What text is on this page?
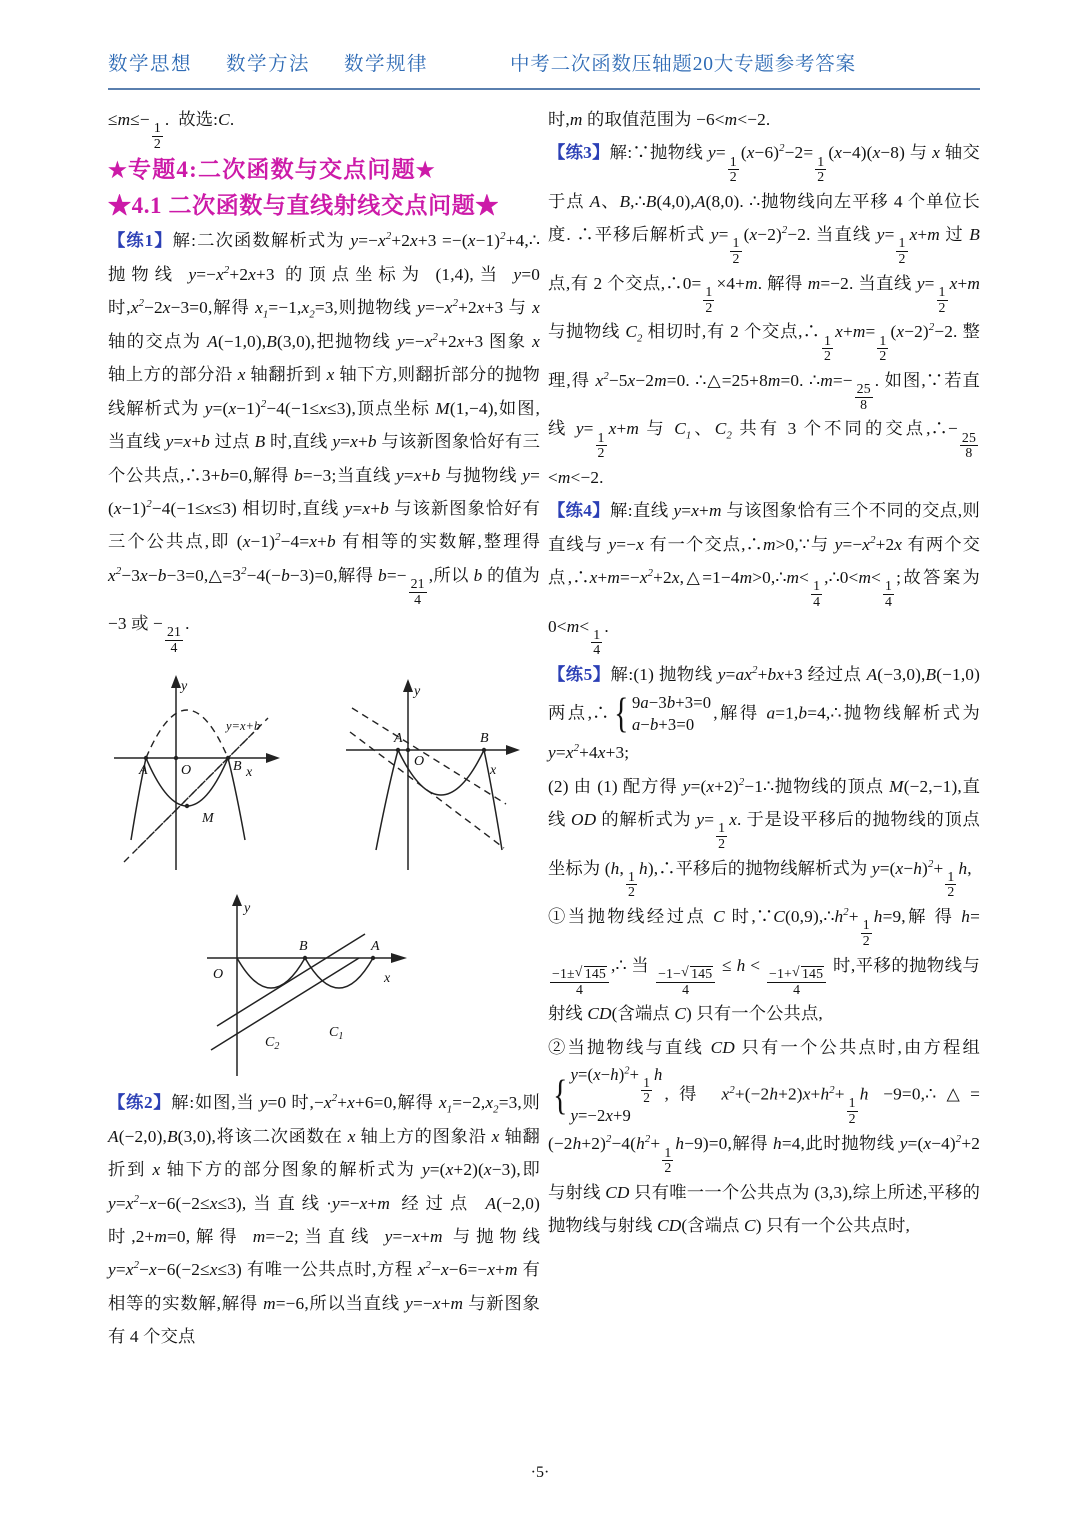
数学思想 数学方法 数学规律	中考二次函数压轴题20大专题参考答案
≤m≤−
$\frac{1}{2}$
.  故选:C.
★专题4:二次函数与交点问题★
★4.1 二次函数与直线射线交点问题★
【练1】解:二次函数解析式为 $y=-x^2+2x+3$ $=-(x-1)^2+4,\therefore$抛物线 $y=-x^2+2x+3$ 的顶点坐标为 (1,4),当 y=0 时$,x^2-2x-3=0$,解得 $x_1=-1,x_2=3$,则抛物线 $y=-x^2+2x+3$ 与 x 轴的交点为 A(−1,0),B(3,0),把抛物线 $y=-x^2+2x+3$ 图象 x 轴上方的部分沿 x 轴翻折到 x 轴下方,则翻折部分的抛物线解析式为 $y=(x-1)^2-4(-1\le x\le 3)$,顶点坐标 M(1,−4),如图,当直线 y=x+b 过点 B 时,直线 y=x+b 与该新图象恰好有三个公共点,∴3+b=0,解得 b=−3;当直线 y=x+b 与抛物线 $y=(x-1)^2-4(-1\le x\le 3)$ 相切时,直线 y=x+b 与该新图象恰好有三个公共点,即 $(x-1)^2-4=x+b$ 有相等的实数解,整理得 $x^2-3x-b-3=0,\triangle=3^2-4(-b-3)=0$,解得 b=−
$\frac{21}{4}$
,所以 b 的值为 −3 或 −
$\frac{21}{4}$
.
y
x
A O	B
M
y=x+b
y
x
A
O
B
y
x
O
B	A
$C_2$
$C_1$
【练2】解:如图,当 y=0 时$,-x^2+x+6=0$,解得 $x_1=-2,x_2=3$,则 A(−2,0),B(3,0),将该二次函数在 x 轴上方的图象沿 x 轴翻折到 x 轴下方的部分图象的解析式为 y=(x+2)(x−3),即 $y=x^2-x-6(-2\le x\le 3)$,当直线·y=−x+m 经过点 A(−2,0) 时,2+m=0,解得 m=−2;当直线 y=−x+m 与抛物线 $y=x^2-x-6(-2\le x\le 3)$ 有唯一公共点时,方程 $x^2-x-6=-x+m$ 有相等的实数解,解得 m=−6,所以当直线 y=−x+m 与新图象有 4 个交点
时,m 的取值范围为 −6<m<−2.
【练3】解:∵抛物线 y=
$\frac{1}{2}$
$(x-6)^2-2=$
$\frac{1}{2}$
(x−4)(x−8) 与 x 轴交于点 A、B,∴B(4,0),A(8,0). ∴抛物线向左平移 4 个单位长度. ∴平移后解析式 y=
$\frac{1}{2}$
$(x-2)^2-2$. 当直线 y=
$\frac{1}{2}$
x+m 过 B 点,有 2 个交点,∴0=
$\frac{1}{2}$
×4+m. 解得 m=−2. 当直线 y=
$\frac{1}{2}$
x+m 与抛物线 $C_2$ 相切时,有 2 个交点,∴
$\frac{1}{2}$
x+m=
$\frac{1}{2}$
$(x-2)^2-2$. 整理,得 $x^2-5x-2m=0$. ∴△=25+8m=0. ∴m=−
$\frac{25}{8}$
. 如图,∵若直线 y=
$\frac{1}{2}$
x+m 与 $C_1$、$C_2$ 共有 3 个不同的交点,∴−
$\frac{25}{8}$
<m<−2.
【练4】解:直线 y=x+m 与该图象恰有三个不同的交点,则直线与 y=−x 有一个交点,∴m>0,∵与 $y=-x^2+2x$ 有两个交点$,\therefore x+m=-x^2+2x,\triangle=1-4m>0,\therefore m<$
$\frac{1}{4}$
,∴0<m<
$\frac{1}{4}$
;故答案为 0<m<
$\frac{1}{4}$
.
【练5】解:(1) 抛物线 $y=ax^2+bx+3$ 经过点 A(−3,0),B(−1,0) 两点,∴ { 9a−3b+3=0
a−b+3=0
,解得 a=1,b=4,∴抛物线解析式为 $y=x^2+4x+3$;
(2) 由 (1) 配方得 $y=(x+2)^2-1\therefore$抛物线的顶点 M(−2,−1),直线 OD 的解析式为 y=
$\frac{1}{2}$
x. 于是设平移后的抛物线的顶点坐标为 (h,
$\frac{1}{2}$
h),∴平移后的抛物线解析式为 $y=(x-h)^2+$
$\frac{1}{2}$
h,
①当抛物线经过点 C 时$,\because C(0,9),\therefore h^2+$
$\frac{1}{2}$
h=9,解 得 h=
$\frac{-1\pm √ 145}{4}$
,∴ 当
$\frac{-1- √ 145}{4}$
≤ h <
$\frac{-1+ √ 145}{4}$
时,平移的抛物线与射线 CD(含端点 C) 只有一个公共点,
②当抛物线与直线 CD 只有一个公共点时,由方程组
{ $y=(x-h)^2+$
$\frac{1}{2}$
h
y=−2x+9
,得 $x^2+(-2h+2)x+h^2+$
$\frac{1}{2}$
$h -9=0,\therefore\triangle=(-2h+2)^2-4(h^2+$
$\frac{1}{2}$
h−9)=0,解得 h=4,此时抛物线 $y=(x-4)^2+2$ 与射线 CD 只有唯一一个公共点为 (3,3),综上所述,平移的抛物线与射线 CD(含端点 C) 只有一个公共点时,
·5·
